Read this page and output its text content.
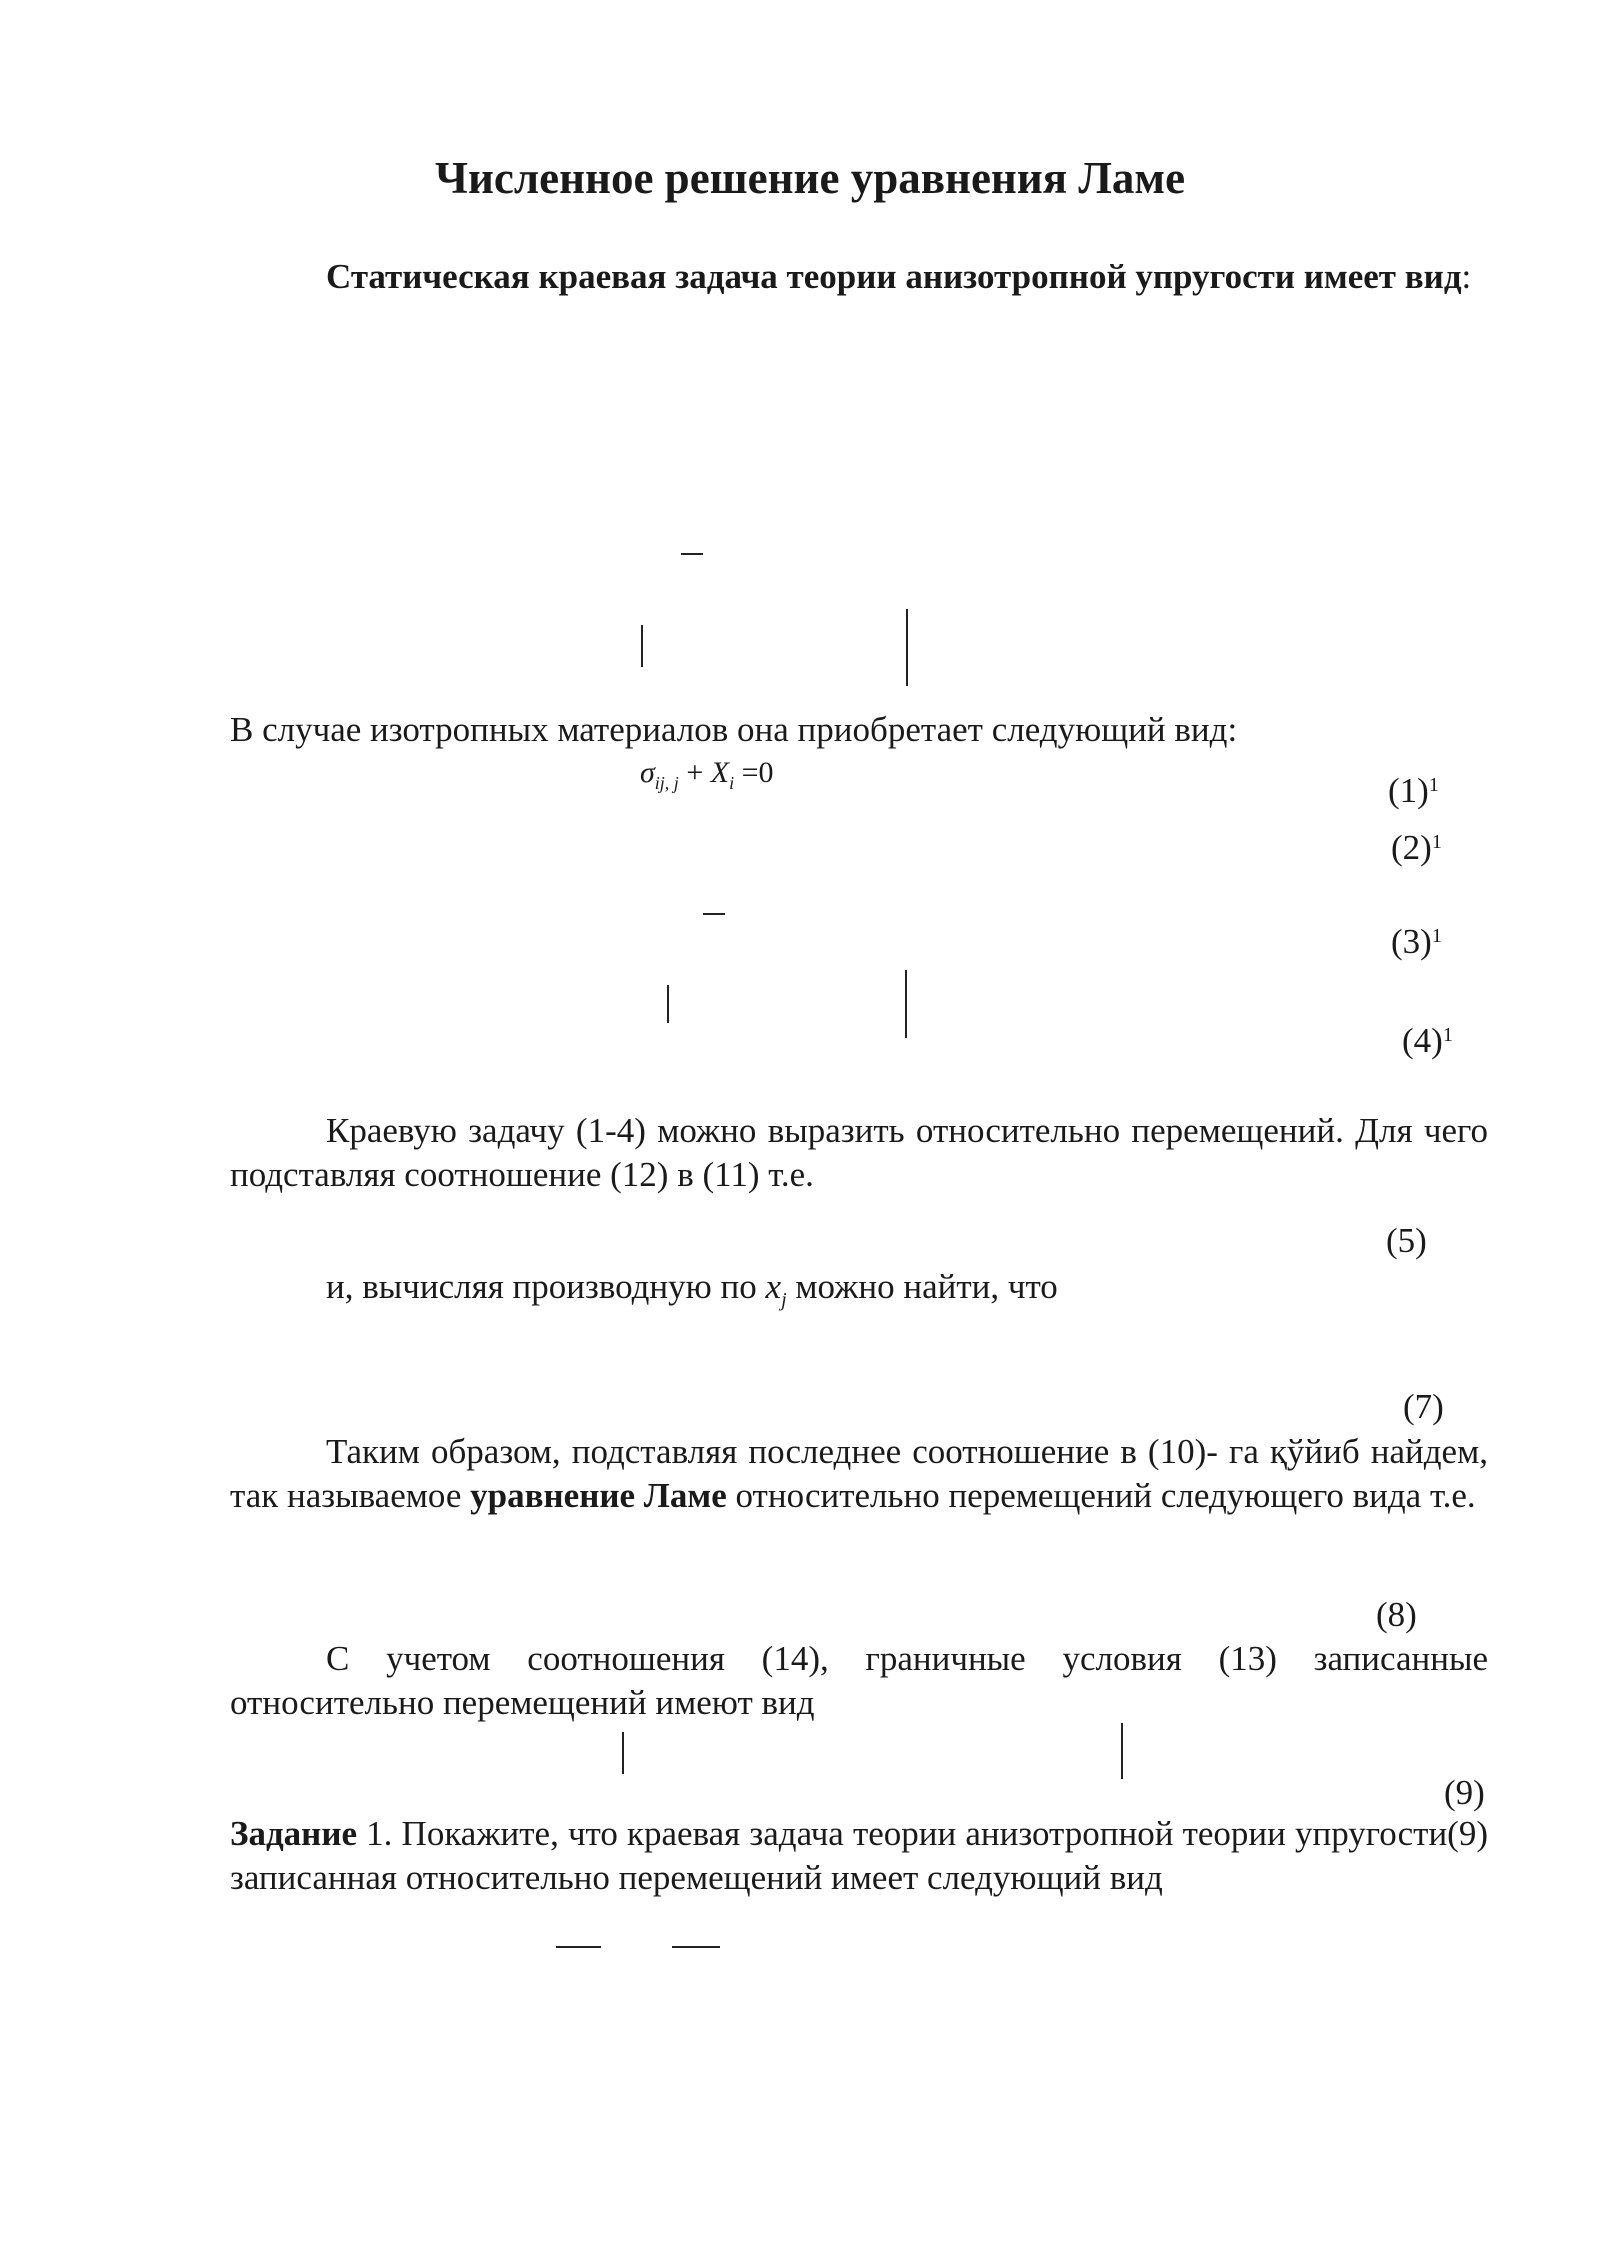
Численное решение уравнения Ламе
Статическая краевая задача теории анизотропной упругости имеет вид:
В случае изотропных материалов она приобретает следующий вид:
$\sigma_{ij, j} + X_i =0$	$(1)^1$
$(2)^1$
$(3)^1$
$(4)^1$
Краевую задачу (1-4) можно выразить относительно перемещений. Для чего подставляя соотношение (12) в (11) т.е.
(5)
и, вычисляя производную по $x_j$ можно найти, что
(7)
Таким образом, подставляя последнее соотношение в (10)- га қўйиб найдем, так называемое уравнение Ламе относительно перемещений следующего вида т.е.
(8)
С учетом соотношения (14), граничные условия (13) записанные относительно перемещений имеют вид
(9)
Задание 1. Покажите, что краевая задача теории анизотропной теории упругости(9) записанная относительно перемещений имеет следующий вид
